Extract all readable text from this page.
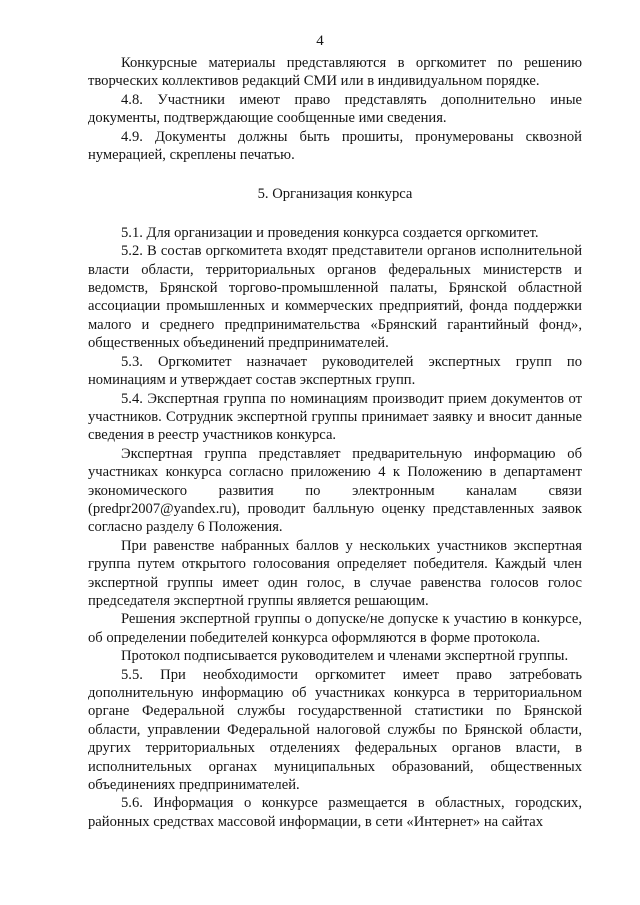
4

Конкурсные материалы представляются в оргкомитет по решению творческих коллективов редакций СМИ или в индивидуальном порядке.

4.8. Участники имеют право представлять дополнительно иные документы, подтверждающие сообщенные ими сведения.

4.9. Документы должны быть прошиты, пронумерованы сквозной нумерацией, скреплены печатью.

5. Организация конкурса

5.1. Для организации и проведения конкурса создается оргкомитет.

5.2. В состав оргкомитета входят представители органов исполнительной власти области, территориальных органов федеральных министерств и ведомств, Брянской торгово-промышленной палаты, Брянской областной ассоциации промышленных и коммерческих предприятий, фонда поддержки малого и среднего предпринимательства «Брянский гарантийный фонд», общественных объединений предпринимателей.

5.3. Оргкомитет назначает руководителей экспертных групп по номинациям и утверждает состав экспертных групп.

5.4. Экспертная группа по номинациям производит прием документов от участников. Сотрудник экспертной группы принимает заявку и вносит данные сведения в реестр участников конкурса.

Экспертная группа представляет предварительную информацию об участниках конкурса согласно приложению 4 к Положению в департамент экономического развития по электронным каналам связи (predpr2007@yandex.ru), проводит балльную оценку представленных заявок согласно разделу 6 Положения.

При равенстве набранных баллов у нескольких участников экспертная группа путем открытого голосования определяет победителя. Каждый член экспертной группы имеет один голос, в случае равенства голосов голос председателя экспертной группы является решающим.

Решения экспертной группы о допуске/не допуске к участию в конкурсе, об определении победителей конкурса оформляются в форме протокола.

Протокол подписывается руководителем и членами экспертной группы.

5.5. При необходимости оргкомитет имеет право затребовать дополнительную информацию об участниках конкурса в территориальном органе Федеральной службы государственной статистики по Брянской области, управлении Федеральной налоговой службы по Брянской области, других территориальных отделениях федеральных органов власти, в исполнительных органах муниципальных образований, общественных объединениях предпринимателей.

5.6. Информация о конкурсе размещается в областных, городских, районных средствах массовой информации, в сети «Интернет» на сайтах
